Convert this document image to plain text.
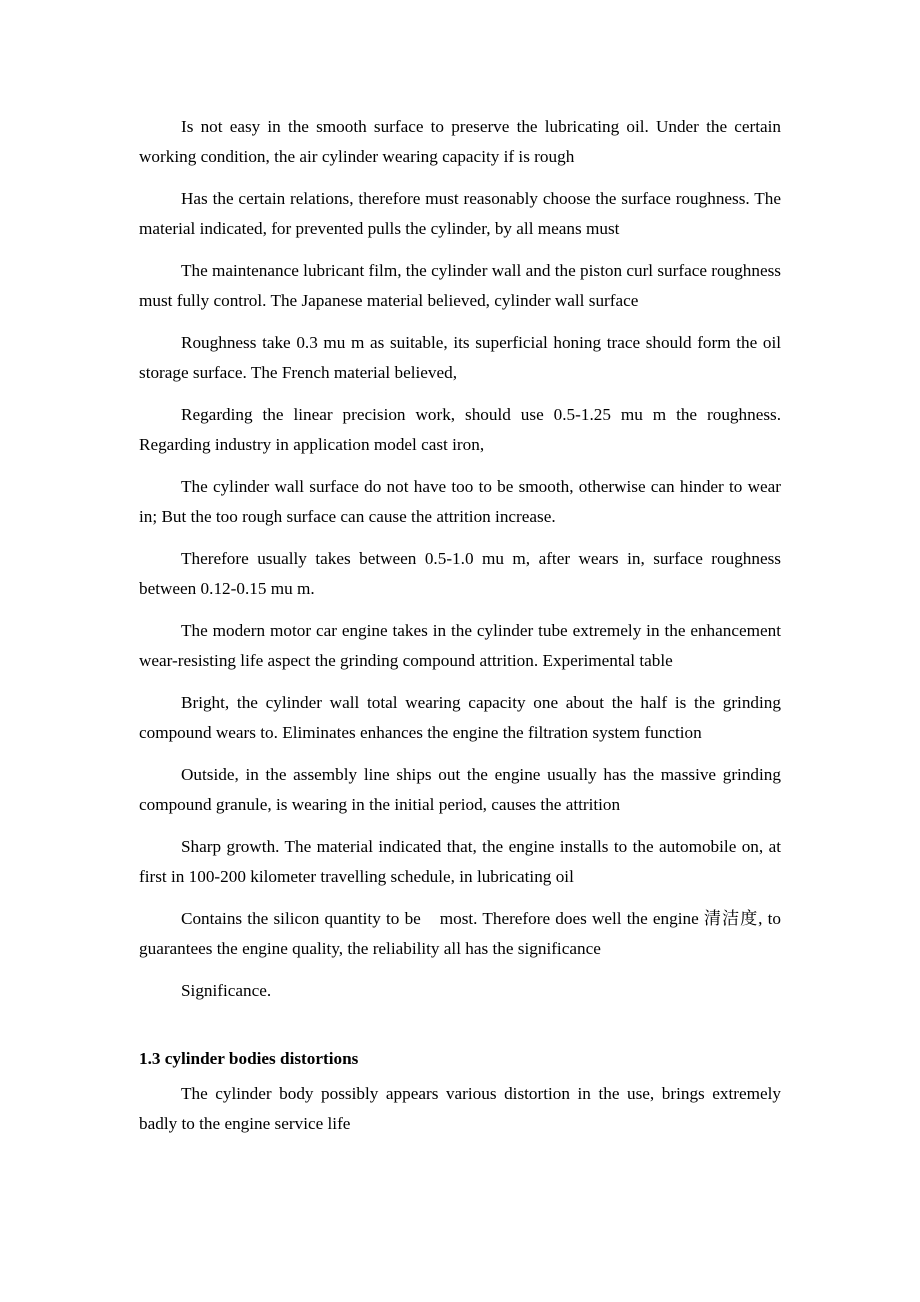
Is not easy in the smooth surface to preserve the lubricating oil. Under the certain working condition, the air cylinder wearing capacity if is rough

Has the certain relations, therefore must reasonably choose the surface roughness. The material indicated, for prevented pulls the cylinder, by all means must

The maintenance lubricant film, the cylinder wall and the piston curl surface roughness must fully control. The Japanese material believed, cylinder wall surface

Roughness take 0.3 mu m as suitable, its superficial honing trace should form the oil storage surface. The French material believed,

Regarding the linear precision work, should use 0.5-1.25 mu m the roughness. Regarding industry in application model cast iron,

The cylinder wall surface do not have too to be smooth, otherwise can hinder to wear in; But the too rough surface can cause the attrition increase.

Therefore usually takes between 0.5-1.0 mu m, after wears in, surface roughness between 0.12-0.15 mu m.

The modern motor car engine takes in the cylinder tube extremely in the enhancement wear-resisting life aspect the grinding compound attrition. Experimental table

Bright, the cylinder wall total wearing capacity one about the half is the grinding compound wears to. Eliminates enhances the engine the filtration system function

Outside, in the assembly line ships out the engine usually has the massive grinding compound granule, is wearing in the initial period, causes the attrition

Sharp growth. The material indicated that, the engine installs to the automobile on, at first in 100-200 kilometer travelling schedule, in lubricating oil

Contains the silicon quantity to be　most. Therefore does well the engine 清洁度, to guarantees the engine quality, the reliability all has the significance

Significance.

1.3 cylinder bodies distortions

The cylinder body possibly appears various distortion in the use, brings extremely badly to the engine service life
